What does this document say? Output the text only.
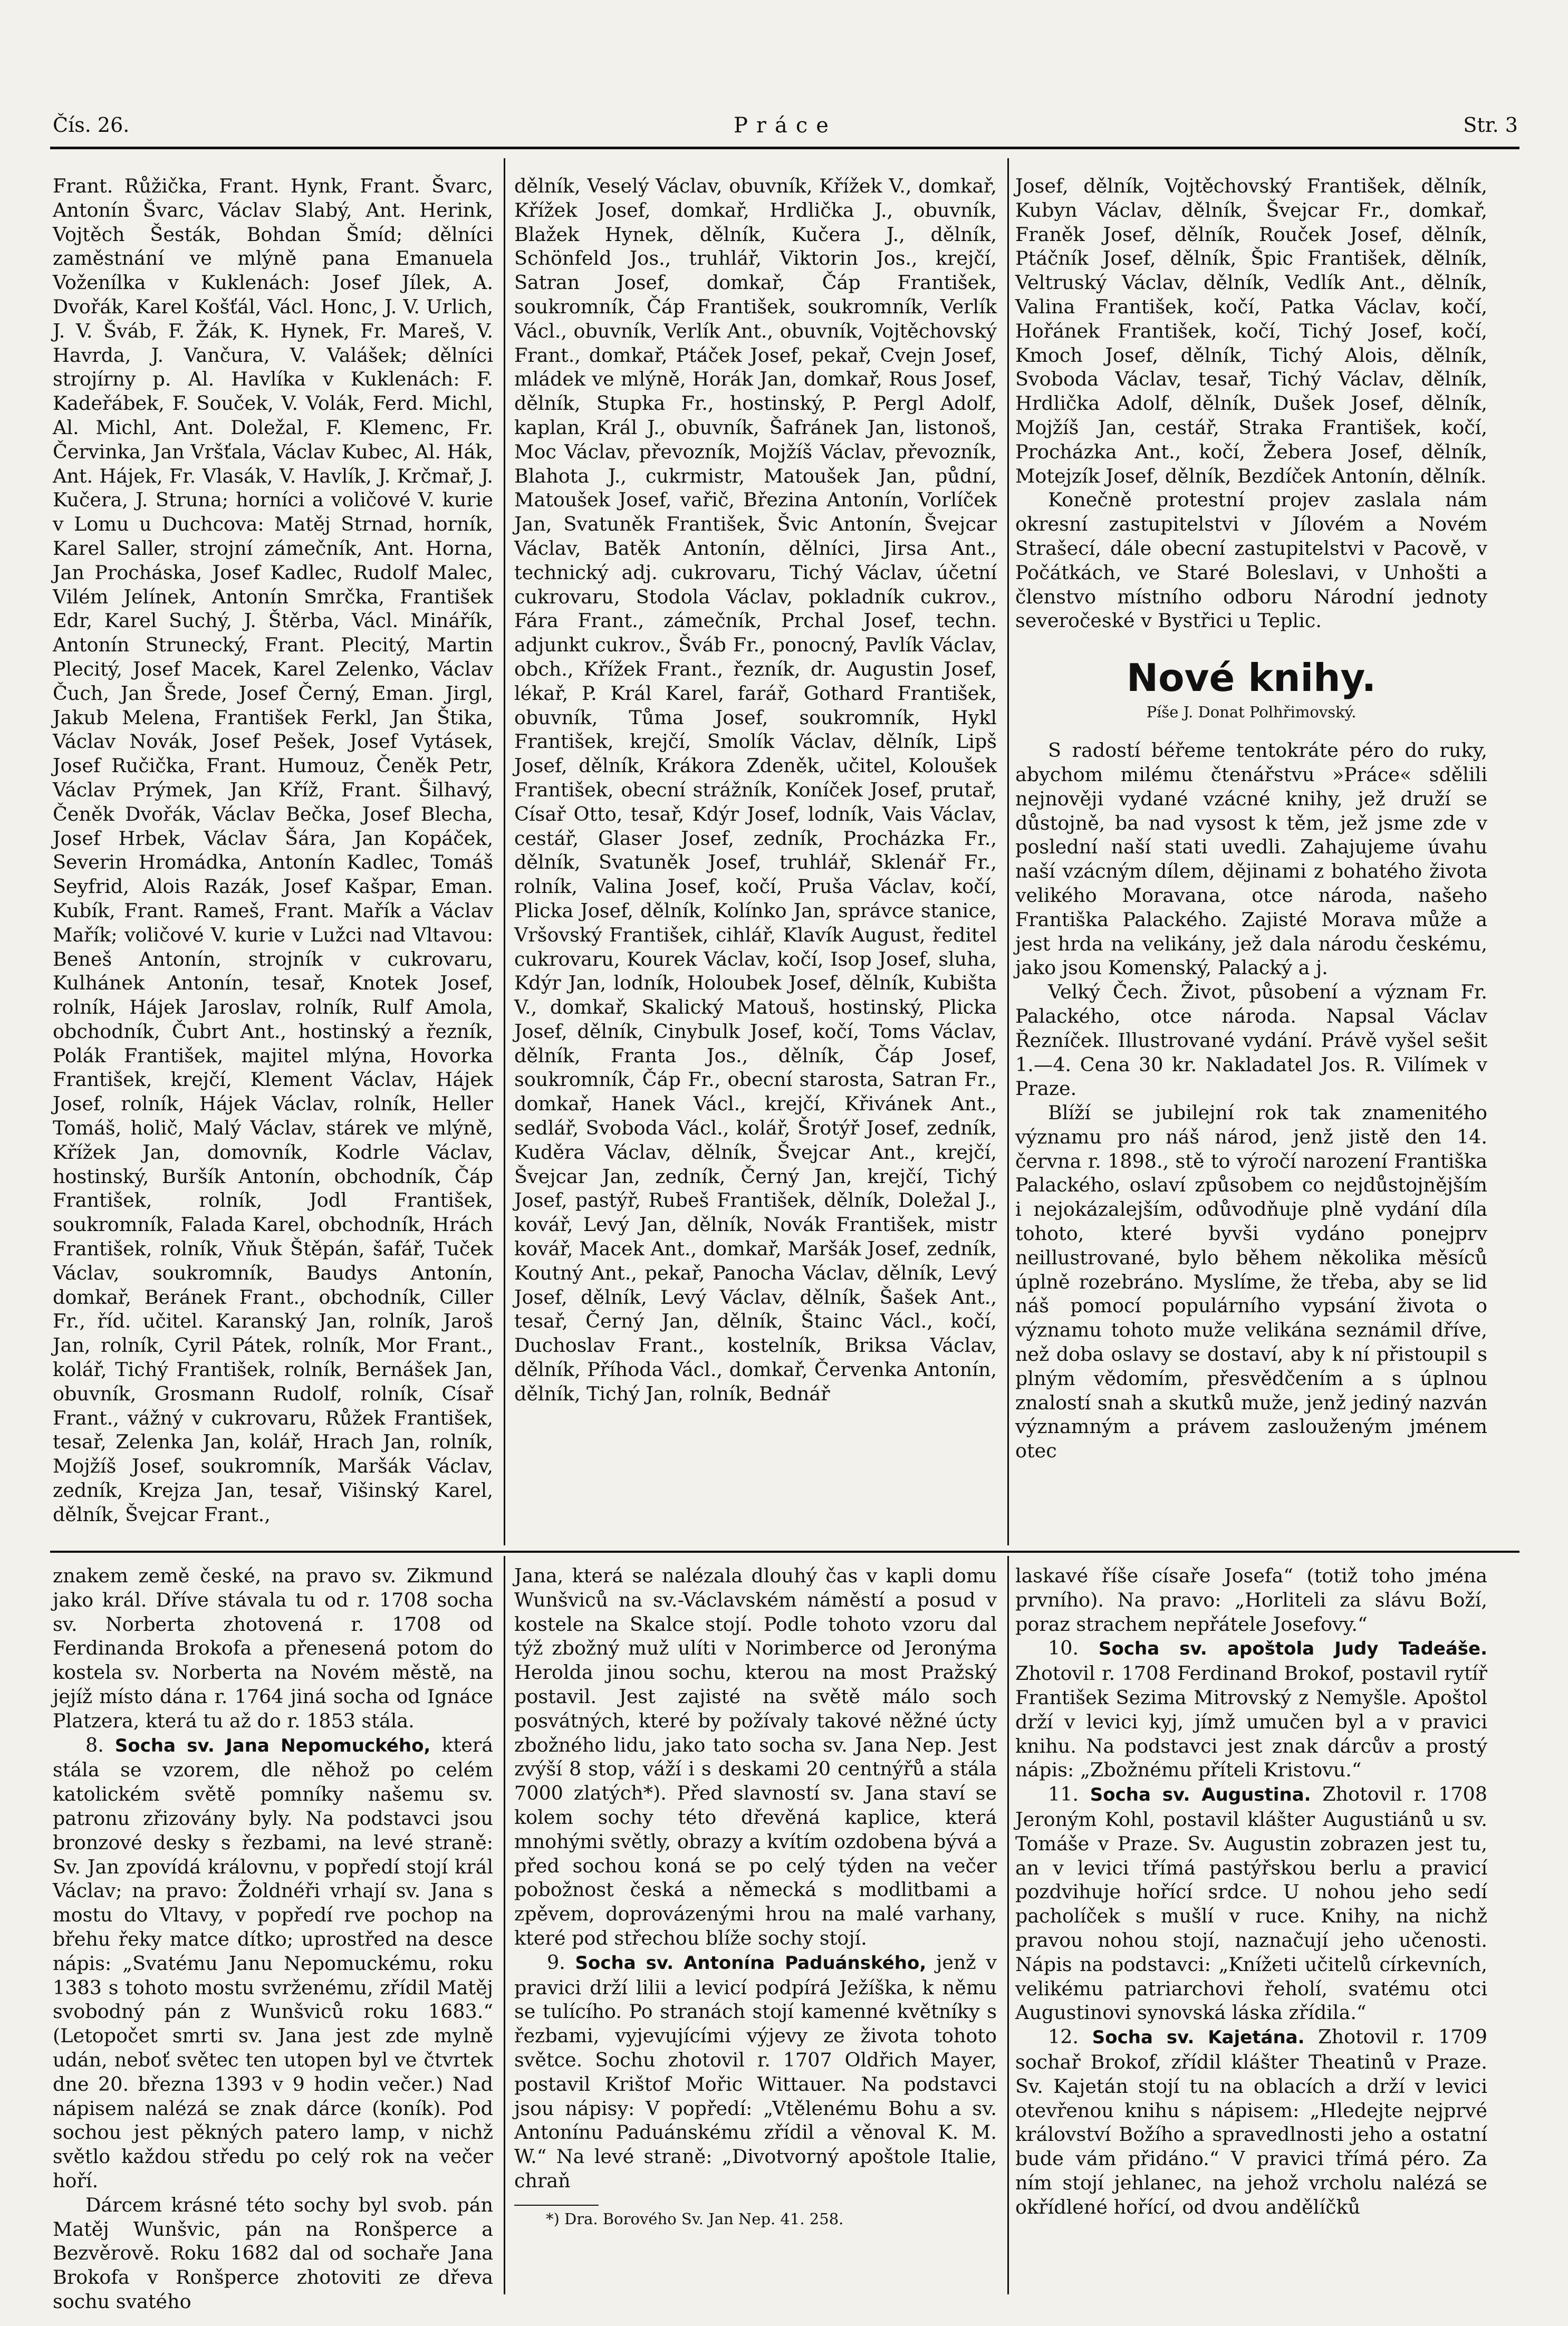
Čís. 26.	Práce	Str. 3

Frant. Růžička, Frant. Hynk, Frant. Švarc, Antonín Švarc, Václav Slabý, Ant. Herink, Vojtěch Šesták, Bohdan Šmíd; dělníci zaměstnání ve mlýně pana Emanuela Voženílka v Kuklenách: Josef Jílek, A. Dvořák, Karel Košťál, Václ. Honc, J. V. Urlich, J. V. Šváb, F. Žák, K. Hynek, Fr. Mareš, V. Havrda, J. Vančura, V. Valášek; dělníci strojírny p. Al. Havlíka v Kuklenách: F. Kadeřábek, F. Souček, V. Volák, Ferd. Michl, Al. Michl, Ant. Doležal, F. Klemenc, Fr. Červinka, Jan Vršťala, Václav Kubec, Al. Hák, Ant. Hájek, Fr. Vlasák, V. Havlík, J. Krčmař, J. Kučera, J. Struna; horníci a voličové V. kurie v Lomu u Duchcova: Matěj Strnad, horník, Karel Saller, strojní zámečník, Ant. Horna, Jan Procháska, Josef Kadlec, Rudolf Malec, Vilém Jelínek, Antonín Smrčka, František Edr, Karel Suchý, J. Štěrba, Václ. Minářík, Antonín Strunecký, Frant. Plecitý, Martin Plecitý, Josef Macek, Karel Zelenko, Václav Čuch, Jan Šrede, Josef Černý, Eman. Jirgl, Jakub Melena, František Ferkl, Jan Štika, Václav Novák, Josef Pešek, Josef Vytásek, Josef Ručička, Frant. Humouz, Čeněk Petr, Václav Prýmek, Jan Kříž, Frant. Šilhavý, Čeněk Dvořák, Václav Bečka, Josef Blecha, Josef Hrbek, Václav Šára, Jan Kopáček, Severin Hromádka, Antonín Kadlec, Tomáš Seyfrid, Alois Razák, Josef Kašpar, Eman. Kubík, Frant. Rameš, Frant. Mařík a Václav Mařík; voličové V. kurie v Lužci nad Vltavou: Beneš Antonín, strojník v cukrovaru, Kulhánek Antonín, tesař, Knotek Josef, rolník, Hájek Jaroslav, rolník, Rulf Amola, obchodník, Čubrt Ant., hostinský a řezník, Polák František, majitel mlýna, Hovorka František, krejčí, Klement Václav, Hájek Josef, rolník, Hájek Václav, rolník, Heller Tomáš, holič, Malý Václav, stárek ve mlýně, Křížek Jan, domovník, Kodrle Václav, hostinský, Buršík Antonín, obchodník, Čáp František, rolník, Jodl František, soukromník, Falada Karel, obchodník, Hrách František, rolník, Vňuk Štěpán, šafář, Tuček Václav, soukromník, Baudys Antonín, domkař, Beránek Frant., obchodník, Ciller Fr., říd. učitel. Karanský Jan, rolník, Jaroš Jan, rolník, Cyril Pátek, rolník, Mor Frant., kolář, Tichý František, rolník, Bernášek Jan, obuvník, Grosmann Rudolf, rolník, Císař Frant., vážný v cukrovaru, Růžek František, tesař, Zelenka Jan, kolář, Hrach Jan, rolník, Mojžíš Josef, soukromník, Maršák Václav, zedník, Krejza Jan, tesař, Višinský Karel, dělník, Švejcar Frant.,

dělník, Veselý Václav, obuvník, Křížek V., domkař, Křížek Josef, domkař, Hrdlička J., obuvník, Blažek Hynek, dělník, Kučera J., dělník, Schönfeld Jos., truhlář, Viktorin Jos., krejčí, Satran Josef, domkař, Čáp František, soukromník, Čáp František, soukromník, Verlík Václ., obuvník, Verlík Ant., obuvník, Vojtěchovský Frant., domkař, Ptáček Josef, pekař, Cvejn Josef, mládek ve mlýně, Horák Jan, domkař, Rous Josef, dělník, Stupka Fr., hostinský, P. Pergl Adolf, kaplan, Král J., obuvník, Šafránek Jan, listonoš, Moc Václav, převozník, Mojžíš Václav, převozník, Blahota J., cukrmistr, Matoušek Jan, půdní, Matoušek Josef, vařič, Březina Antonín, Vorlíček Jan, Svatuněk František, Švic Antonín, Švejcar Václav, Batěk Antonín, dělníci, Jirsa Ant., technický adj. cukrovaru, Tichý Václav, účetní cukrovaru, Stodola Václav, pokladník cukrov., Fára Frant., zámečník, Prchal Josef, techn. adjunkt cukrov., Šváb Fr., ponocný, Pavlík Václav, obch., Křížek Frant., řezník, dr. Augustin Josef, lékař, P. Král Karel, farář, Gothard František, obuvník, Tůma Josef, soukromník, Hykl František, krejčí, Smolík Václav, dělník, Lipš Josef, dělník, Krákora Zdeněk, učitel, Koloušek František, obecní strážník, Koníček Josef, prutař, Císař Otto, tesař, Kdýr Josef, lodník, Vais Václav, cestář, Glaser Josef, zedník, Procházka Fr., dělník, Svatuněk Josef, truhlář, Sklenář Fr., rolník, Valina Josef, kočí, Pruša Václav, kočí, Plicka Josef, dělník, Kolínko Jan, správce stanice, Vršovský František, cihlář, Klavík August, ředitel cukrovaru, Kourek Václav, kočí, Isop Josef, sluha, Kdýr Jan, lodník, Holoubek Josef, dělník, Kubišta V., domkař, Skalický Matouš, hostinský, Plicka Josef, dělník, Cinybulk Josef, kočí, Toms Václav, dělník, Franta Jos., dělník, Čáp Josef, soukromník, Čáp Fr., obecní starosta, Satran Fr., domkař, Hanek Václ., krejčí, Křivánek Ant., sedlář, Svoboda Václ., kolář, Šrotýř Josef, zedník, Kuděra Václav, dělník, Švejcar Ant., krejčí, Švejcar Jan, zedník, Černý Jan, krejčí, Tichý Josef, pastýř, Rubeš František, dělník, Doležal J., kovář, Levý Jan, dělník, Novák František, mistr kovář, Macek Ant., domkař, Maršák Josef, zedník, Koutný Ant., pekař, Panocha Václav, dělník, Levý Josef, dělník, Levý Václav, dělník, Šašek Ant., tesař, Černý Jan, dělník, Štainc Václ., kočí, Duchoslav Frant., kostelník, Briksa Václav, dělník, Příhoda Václ., domkař, Červenka Antonín, dělník, Tichý Jan, rolník, Bednář

Josef, dělník, Vojtěchovský František, dělník, Kubyn Václav, dělník, Švejcar Fr., domkař, Franěk Josef, dělník, Rouček Josef, dělník, Ptáčník Josef, dělník, Špic František, dělník, Veltruský Václav, dělník, Vedlík Ant., dělník, Valina František, kočí, Patka Václav, kočí, Hořánek František, kočí, Tichý Josef, kočí, Kmoch Josef, dělník, Tichý Alois, dělník, Svoboda Václav, tesař, Tichý Václav, dělník, Hrdlička Adolf, dělník, Dušek Josef, dělník, Mojžíš Jan, cestář, Straka František, kočí, Procházka Ant., kočí, Žebera Josef, dělník, Motejzík Josef, dělník, Bezdíček Antonín, dělník.

Konečně protestní projev zaslala nám okresní zastupitelstvi v Jílovém a Novém Strašecí, dále obecní zastupitelstvi v Pacově, v Počátkách, ve Staré Boleslavi, v Unhošti a členstvo místního odboru Národní jednoty severočeské v Bystřici u Teplic.

Nové knihy.
Píše J. Donat Polhřimovský.

S radostí béřeme tentokráte péro do ruky, abychom milému čtenářstvu »Práce« sdělili nejnověji vydané vzácné knihy, jež druží se důstojně, ba nad vysost k těm, jež jsme zde v poslední naší stati uvedli. Zahajujeme úvahu naší vzácným dílem, dějinami z bohatého života velikého Moravana, otce národa, našeho Františka Palackého. Zajisté Morava může a jest hrda na velikány, jež dala národu českému, jako jsou Komenský, Palacký a j.

Velký Čech. Život, působení a význam Fr. Palackého, otce národa. Napsal Václav Řezníček. Illustrované vydání. Právě vyšel sešit 1.—4. Cena 30 kr. Nakladatel Jos. R. Vilímek v Praze.

Blíží se jubilejní rok tak znamenitého významu pro náš národ, jenž jistě den 14. června r. 1898., stě to výročí narození Františka Palackého, oslaví způsobem co nejdůstojnějším i nejokázalejším, odůvodňuje plně vydání díla tohoto, které byvši vydáno ponejprv neillustrované, bylo během několika měsíců úplně rozebráno. Myslíme, že třeba, aby se lid náš pomocí populárního vypsání života o významu tohoto muže velikána seznámil dříve, než doba oslavy se dostaví, aby k ní přistoupil s plným vědomím, přesvědčením a s úplnou znalostí snah a skutků muže, jenž jediný nazván významným a právem zaslouženým jménem otec

znakem země české, na pravo sv. Zikmund jako král. Dříve stávala tu od r. 1708 socha sv. Norberta zhotovená r. 1708 od Ferdinanda Brokofa a přenesená potom do kostela sv. Norberta na Novém městě, na jejíž místo dána r. 1764 jiná socha od Ignáce Platzera, která tu až do r. 1853 stála.

8. Socha sv. Jana Nepomuckého, která stála se vzorem, dle něhož po celém katolickém světě pomníky našemu sv. patronu zřizovány byly. Na podstavci jsou bronzové desky s řezbami, na levé straně: Sv. Jan zpovídá královnu, v popředí stojí král Václav; na pravo: Žoldnéři vrhají sv. Jana s mostu do Vltavy, v popředí rve pochop na břehu řeky matce dítko; uprostřed na desce nápis: „Svatému Janu Nepomuckému, roku 1383 s tohoto mostu svrženému, zřídil Matěj svobodný pán z Wunšviců roku 1683.“ (Letopočet smrti sv. Jana jest zde mylně udán, neboť světec ten utopen byl ve čtvrtek dne 20. března 1393 v 9 hodin večer.) Nad nápisem nalézá se znak dárce (koník). Pod sochou jest pěkných patero lamp, v nichž světlo každou středu po celý rok na večer hoří.

Dárcem krásné této sochy byl svob. pán Matěj Wunšvic, pán na Ronšperce a Bezvěrově. Roku 1682 dal od sochaře Jana Brokofa v Ronšperce zhotoviti ze dřeva sochu svatého

Jana, která se nalézala dlouhý čas v kapli domu Wunšviců na sv.-Václavském náměstí a posud v kostele na Skalce stojí. Podle tohoto vzoru dal týž zbožný muž ulíti v Norimberce od Jeronýma Herolda jinou sochu, kterou na most Pražský postavil. Jest zajisté na světě málo soch posvátných, které by požívaly takové něžné úcty zbožného lidu, jako tato socha sv. Jana Nep. Jest zvýší 8 stop, váží i s deskami 20 centnýřů a stála 7000 zlatých*). Před slavností sv. Jana staví se kolem sochy této dřevěná kaplice, která mnohými světly, obrazy a kvítím ozdobena bývá a před sochou koná se po celý týden na večer pobožnost česká a německá s modlitbami a zpěvem, doprovázenými hrou na malé varhany, které pod střechou blíže sochy stojí.

9. Socha sv. Antonína Paduánského, jenž v pravici drží lilii a levicí podpírá Ježíška, k němu se tulícího. Po stranách stojí kamenné květníky s řezbami, vyjevujícími výjevy ze života tohoto světce. Sochu zhotovil r. 1707 Oldřich Mayer, postavil Krištof Mořic Wittauer. Na podstavci jsou nápisy: V popředí: „Vtělenému Bohu a sv. Antonínu Paduánskému zřídil a věnoval K. M. W.“ Na levé straně: „Divotvorný apoštole Italie, chraň

*) Dra. Borového Sv. Jan Nep. 41. 258.

laskavé říše císaře Josefa“ (totiž toho jména prvního). Na pravo: „Horliteli za slávu Boží, poraz strachem nepřátele Josefovy.“

10. Socha sv. apoštola Judy Tadeáše. Zhotovil r. 1708 Ferdinand Brokof, postavil rytíř František Sezima Mitrovský z Nemyšle. Apoštol drží v levici kyj, jímž umučen byl a v pravici knihu. Na podstavci jest znak dárcův a prostý nápis: „Zbožnému příteli Kristovu.“

11. Socha sv. Augustina. Zhotovil r. 1708 Jeroným Kohl, postavil klášter Augustiánů u sv. Tomáše v Praze. Sv. Augustin zobrazen jest tu, an v levici třímá pastýřskou berlu a pravicí pozdvihuje hořící srdce. U nohou jeho sedí pacholíček s mušlí v ruce. Knihy, na nichž pravou nohou stojí, naznačují jeho učenosti. Nápis na podstavci: „Knížeti učitelů církevních, velikému patriarchovi řeholí, svatému otci Augustinovi synovská láska zřídila.“

12. Socha sv. Kajetána. Zhotovil r. 1709 sochař Brokof, zřídil klášter Theatinů v Praze. Sv. Kajetán stojí tu na oblacích a drží v levici otevřenou knihu s nápisem: „Hledejte nejprvé království Božího a spravedlnosti jeho a ostatní bude vám přidáno.“ V pravici třímá péro. Za ním stojí jehlanec, na jehož vrcholu nalézá se okřídlené hořící, od dvou andělíčků
